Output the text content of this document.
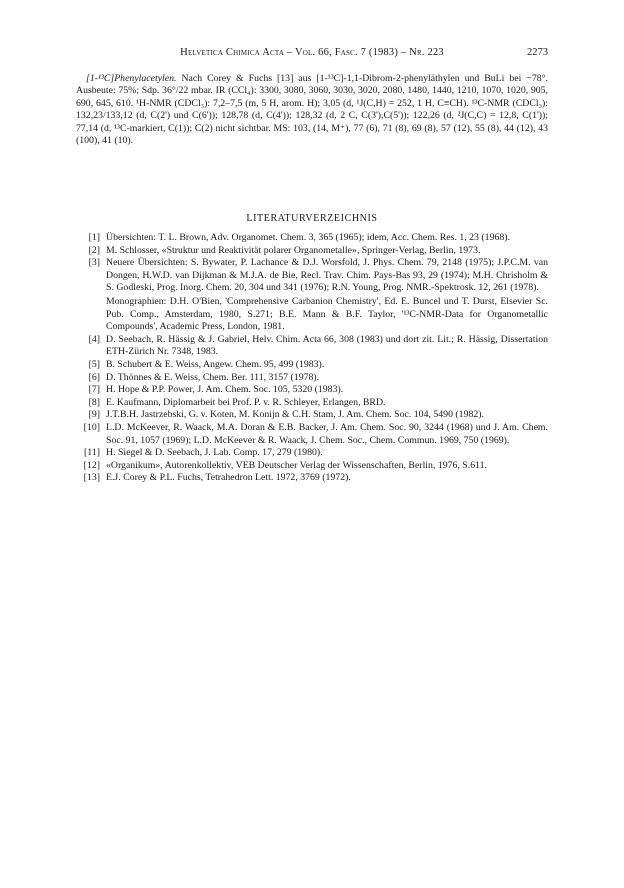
Helvetica Chimica Acta – Vol. 66, Fasc. 7 (1983) – Nr. 223	2273
[1-¹³C]Phenylacetylen. Nach Corey & Fuchs [13] aus [1-¹³C]-1,1-Dibrom-2-phenyläthylen und BuLi bei −78°. Ausbeute: 75%; Sdp. 36°/22 mbar. IR (CCl₄): 3300, 3080, 3060, 3030, 3020, 2080, 1480, 1440, 1210, 1070, 1020, 905, 690, 645, 610. ¹H-NMR (CDCl₃): 7,2–7,5 (m, 5 H, arom. H); 3,05 (d, ¹J(C,H) = 252, 1 H, C≡CH). ¹³C-NMR (CDCl₃): 132,23/133,12 (d, C(2') und C(6')); 128,78 (d, C(4')); 128,32 (d, 2 C, C(3'),C(5')); 122,26 (d, ²J(C,C) = 12,8, C(1')); 77,14 (d, ¹³C-markiert, C(1)); C(2) nicht sichtbar. MS: 103, (14, M⁺), 77 (6), 71 (8), 69 (8), 57 (12), 55 (8), 44 (12), 43 (100), 41 (10).
LITERATURVERZEICHNIS
[1] Übersichten: T. L. Brown, Adv. Organomet. Chem. 3, 365 (1965); idem, Acc. Chem. Res. 1, 23 (1968).
[2] M. Schlosser, «Struktur und Reaktivität polarer Organometalle», Springer-Verlag, Berlin, 1973.
[3] Neuere Übersichten: S. Bywater, P. Lachance & D.J. Worsfold, J. Phys. Chem. 79, 2148 (1975); J.P.C.M. van Dongen, H.W.D. van Dijkman & M.J.A. de Bie, Recl. Trav. Chim. Pays-Bas 93, 29 (1974); M.H. Chrisholm & S. Godleski, Prog. Inorg. Chem. 20, 304 und 341 (1976); R.N. Young, Prog. NMR.-Spektrosk. 12, 261 (1978).
Monographien: D.H. O'Bien, 'Comprehensive Carbanion Chemistry', Ed. E. Buncel und T. Durst, Elsevier Sc. Pub. Comp., Amsterdam, 1980, S.271; B.E. Mann & B.F. Taylor, '¹³C-NMR-Data for Organometallic Compounds', Academic Press, London, 1981.
[4] D. Seebach, R. Hässig & J. Gabriel, Helv. Chim. Acta 66, 308 (1983) und dort zit. Lit.; R. Hässig, Dissertation ETH-Zürich Nr. 7348, 1983.
[5] B. Schubert & E. Weiss, Angew. Chem. 95, 499 (1983).
[6] D. Thönnes & E. Weiss, Chem. Ber. 111, 3157 (1978).
[7] H. Hope & P.P. Power, J. Am. Chem. Soc. 105, 5320 (1983).
[8] E. Kaufmann, Diplomarbeit bei Prof. P. v. R. Schleyer, Erlangen, BRD.
[9] J.T.B.H. Jastrzebski, G. v. Koten, M. Konijn & C.H. Stam, J. Am. Chem. Soc. 104, 5490 (1982).
[10] L.D. McKeever, R. Waack, M.A. Doran & E.B. Backer, J. Am. Chem. Soc. 90, 3244 (1968) und J. Am. Chem. Soc. 91, 1057 (1969); L.D. McKeever & R. Waack, J. Chem. Soc., Chem. Commun. 1969, 750 (1969).
[11] H. Siegel & D. Seebach, J. Lab. Comp. 17, 279 (1980).
[12] «Organikum», Autorenkollektiv, VEB Deutscher Verlag der Wissenschaften, Berlin, 1976, S.611.
[13] E.J. Corey & P.L. Fuchs, Tetrahedron Lett. 1972, 3769 (1972).
